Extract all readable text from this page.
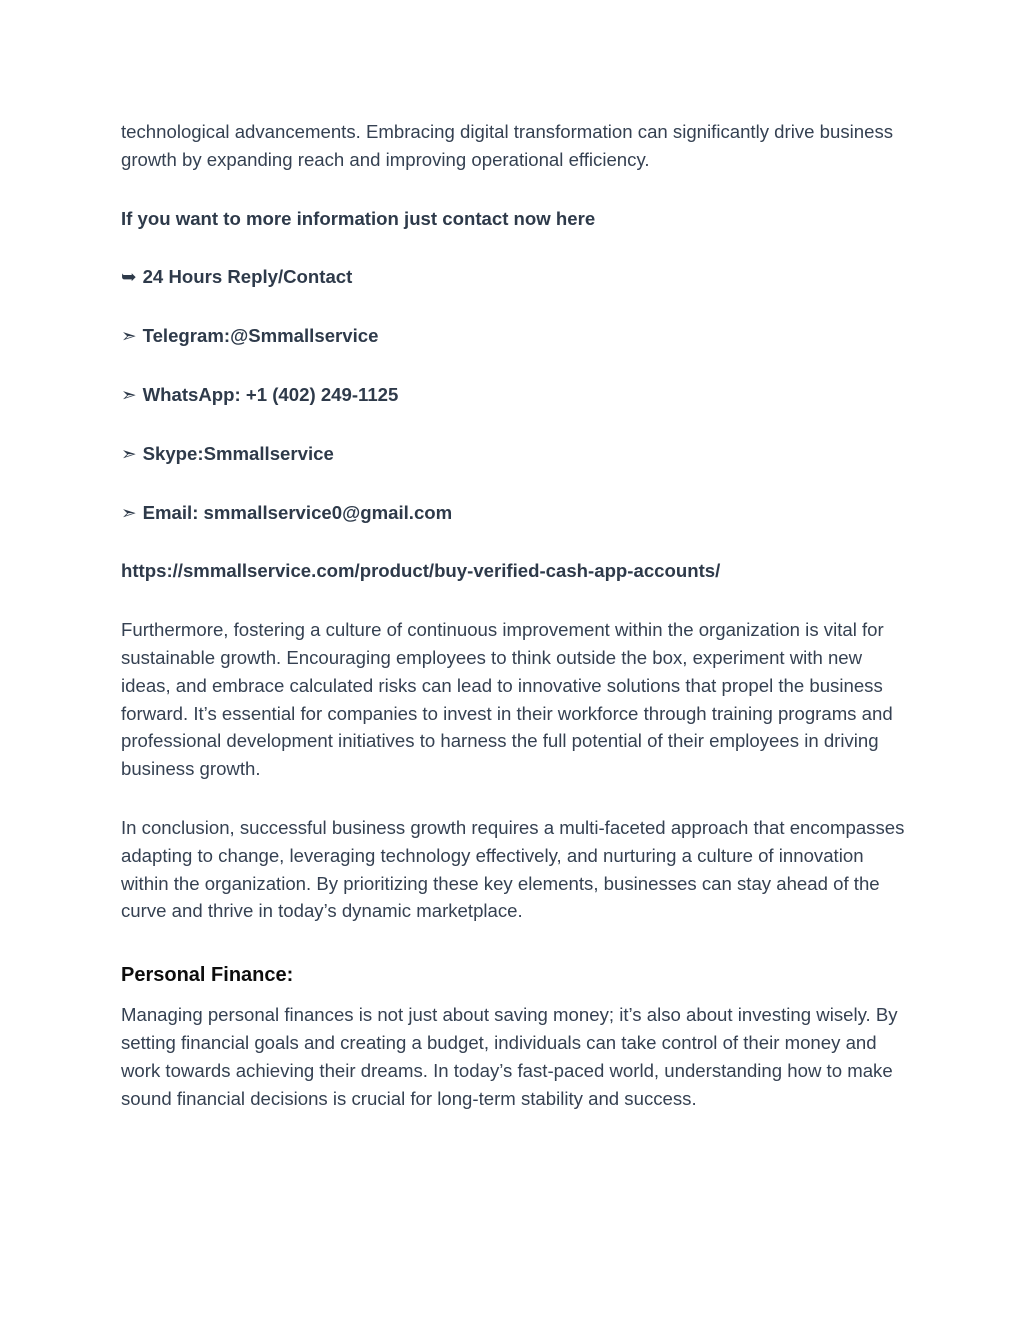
technological advancements. Embracing digital transformation can significantly drive business growth by expanding reach and improving operational efficiency.

If you want to more information just contact now here

➥ 24 Hours Reply/Contact

➣ Telegram:@Smmallservice

➣ WhatsApp: +1 (402) 249-1125

➣ Skype:Smmallservice

➣ Email: smmallservice0@gmail.com

https://smmallservice.com/product/buy-verified-cash-app-accounts/

Furthermore, fostering a culture of continuous improvement within the organization is vital for sustainable growth. Encouraging employees to think outside the box, experiment with new ideas, and embrace calculated risks can lead to innovative solutions that propel the business forward. It’s essential for companies to invest in their workforce through training programs and professional development initiatives to harness the full potential of their employees in driving business growth.

In conclusion, successful business growth requires a multi-faceted approach that encompasses adapting to change, leveraging technology effectively, and nurturing a culture of innovation within the organization. By prioritizing these key elements, businesses can stay ahead of the curve and thrive in today’s dynamic marketplace.

Personal Finance:

Managing personal finances is not just about saving money; it’s also about investing wisely. By setting financial goals and creating a budget, individuals can take control of their money and work towards achieving their dreams. In today’s fast-paced world, understanding how to make sound financial decisions is crucial for long-term stability and success.
